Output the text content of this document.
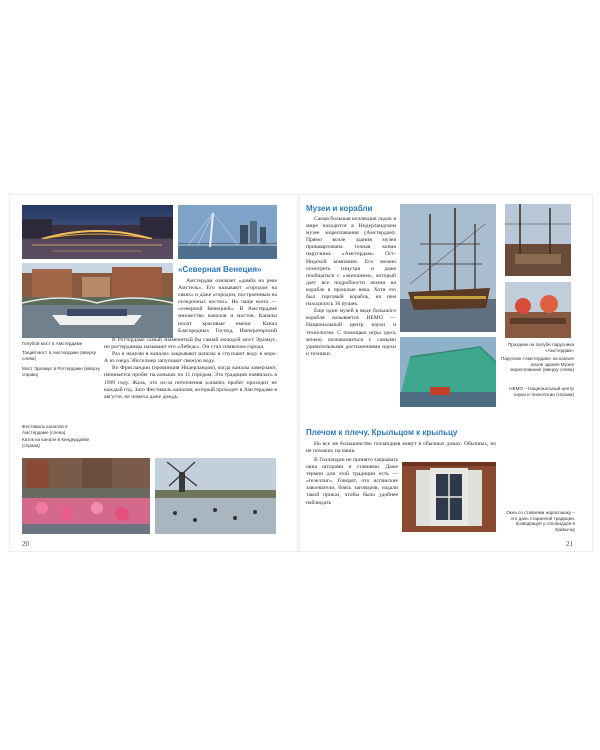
Голубой мост в Амстердаме
Тощий мост в Амстердаме (вверху слева)
Мост Эразмус в Роттердаме (вверху справа)
Фестиваль каналов в Амстердаме (слева)
Каток на канале в Киндердайке (справа)
«Северная Венеция»

Амстердам означает «дамба на реке Амстель». Его называют «городом на сваях» и даже «городом, построенным на селедочных костях». Но чаще всего — «северной Венецией». В Амстердаме множество каналов и мостов. Каналы носят красивые имена: Канал Благородных Господ, Императорский

В Роттердаме самый знаменитый бы самый молодой мост Эразмус, но роттердамцы называют его «Лебедь». Он стал символом города.

Раз в неделю в каналах закрывают шлюзы и спускают воду в море. А из озера Эйсселмер запускают свежую воду.

Во Фрисландии (провинция Нидерландов), когда каналы замерзают, начинается пробег на коньках по 11 городам. Эта традиция появилась в 1909 году. Жаль, что из-за потепления климата пробег проходит не каждый год. Зато Фестиваль каналов, который проходит в Амстердаме в августе, не помеха даже дождь.

20
Музеи и корабли

Самая большая коллекция лодок в мире находится в Нидерландском музее мореплавания (Амстердам). Прямо возле здания музея пришвартована точная копия парусника «Амстердам» Ост-Индской компании. Его можно осмотреть изнутри и даже пообщаться с «экипажем», который дает все подробности жизни на корабле в прошлые века. Хотя это был торговый корабль, на нем находилось 30 пушек.

Еще один музей в виде большого корабля называется НЕМО — Национальный центр науки и технологии. С помощью игры здесь можно познакомиться с самыми удивительными достижениями науки и техники.

Праздник на палубе парусника «Амстердам»
Парусник «Амстердам» на канале возле здания Музея мореплавания (вверху слева)
НЕМО – Национальный центр науки и технологии (справа)
Плечом к плечу. Крыльцом к крыльцу

Но все же большинство голландцев живут в обычных домах. Обычных, но не похожих на наши.

В Голландии не принято закрывать окна шторами и ставнями. Даже термин для этой традиции есть — «гезеллиг». Говорят, что испанские завоеватели, боясь заговоров, издали такой приказ, чтобы было удобнее наблюдать

Окна со ставнями нараспашку – это дань старинной традиции, возводящей у голландцев в привычку
21
